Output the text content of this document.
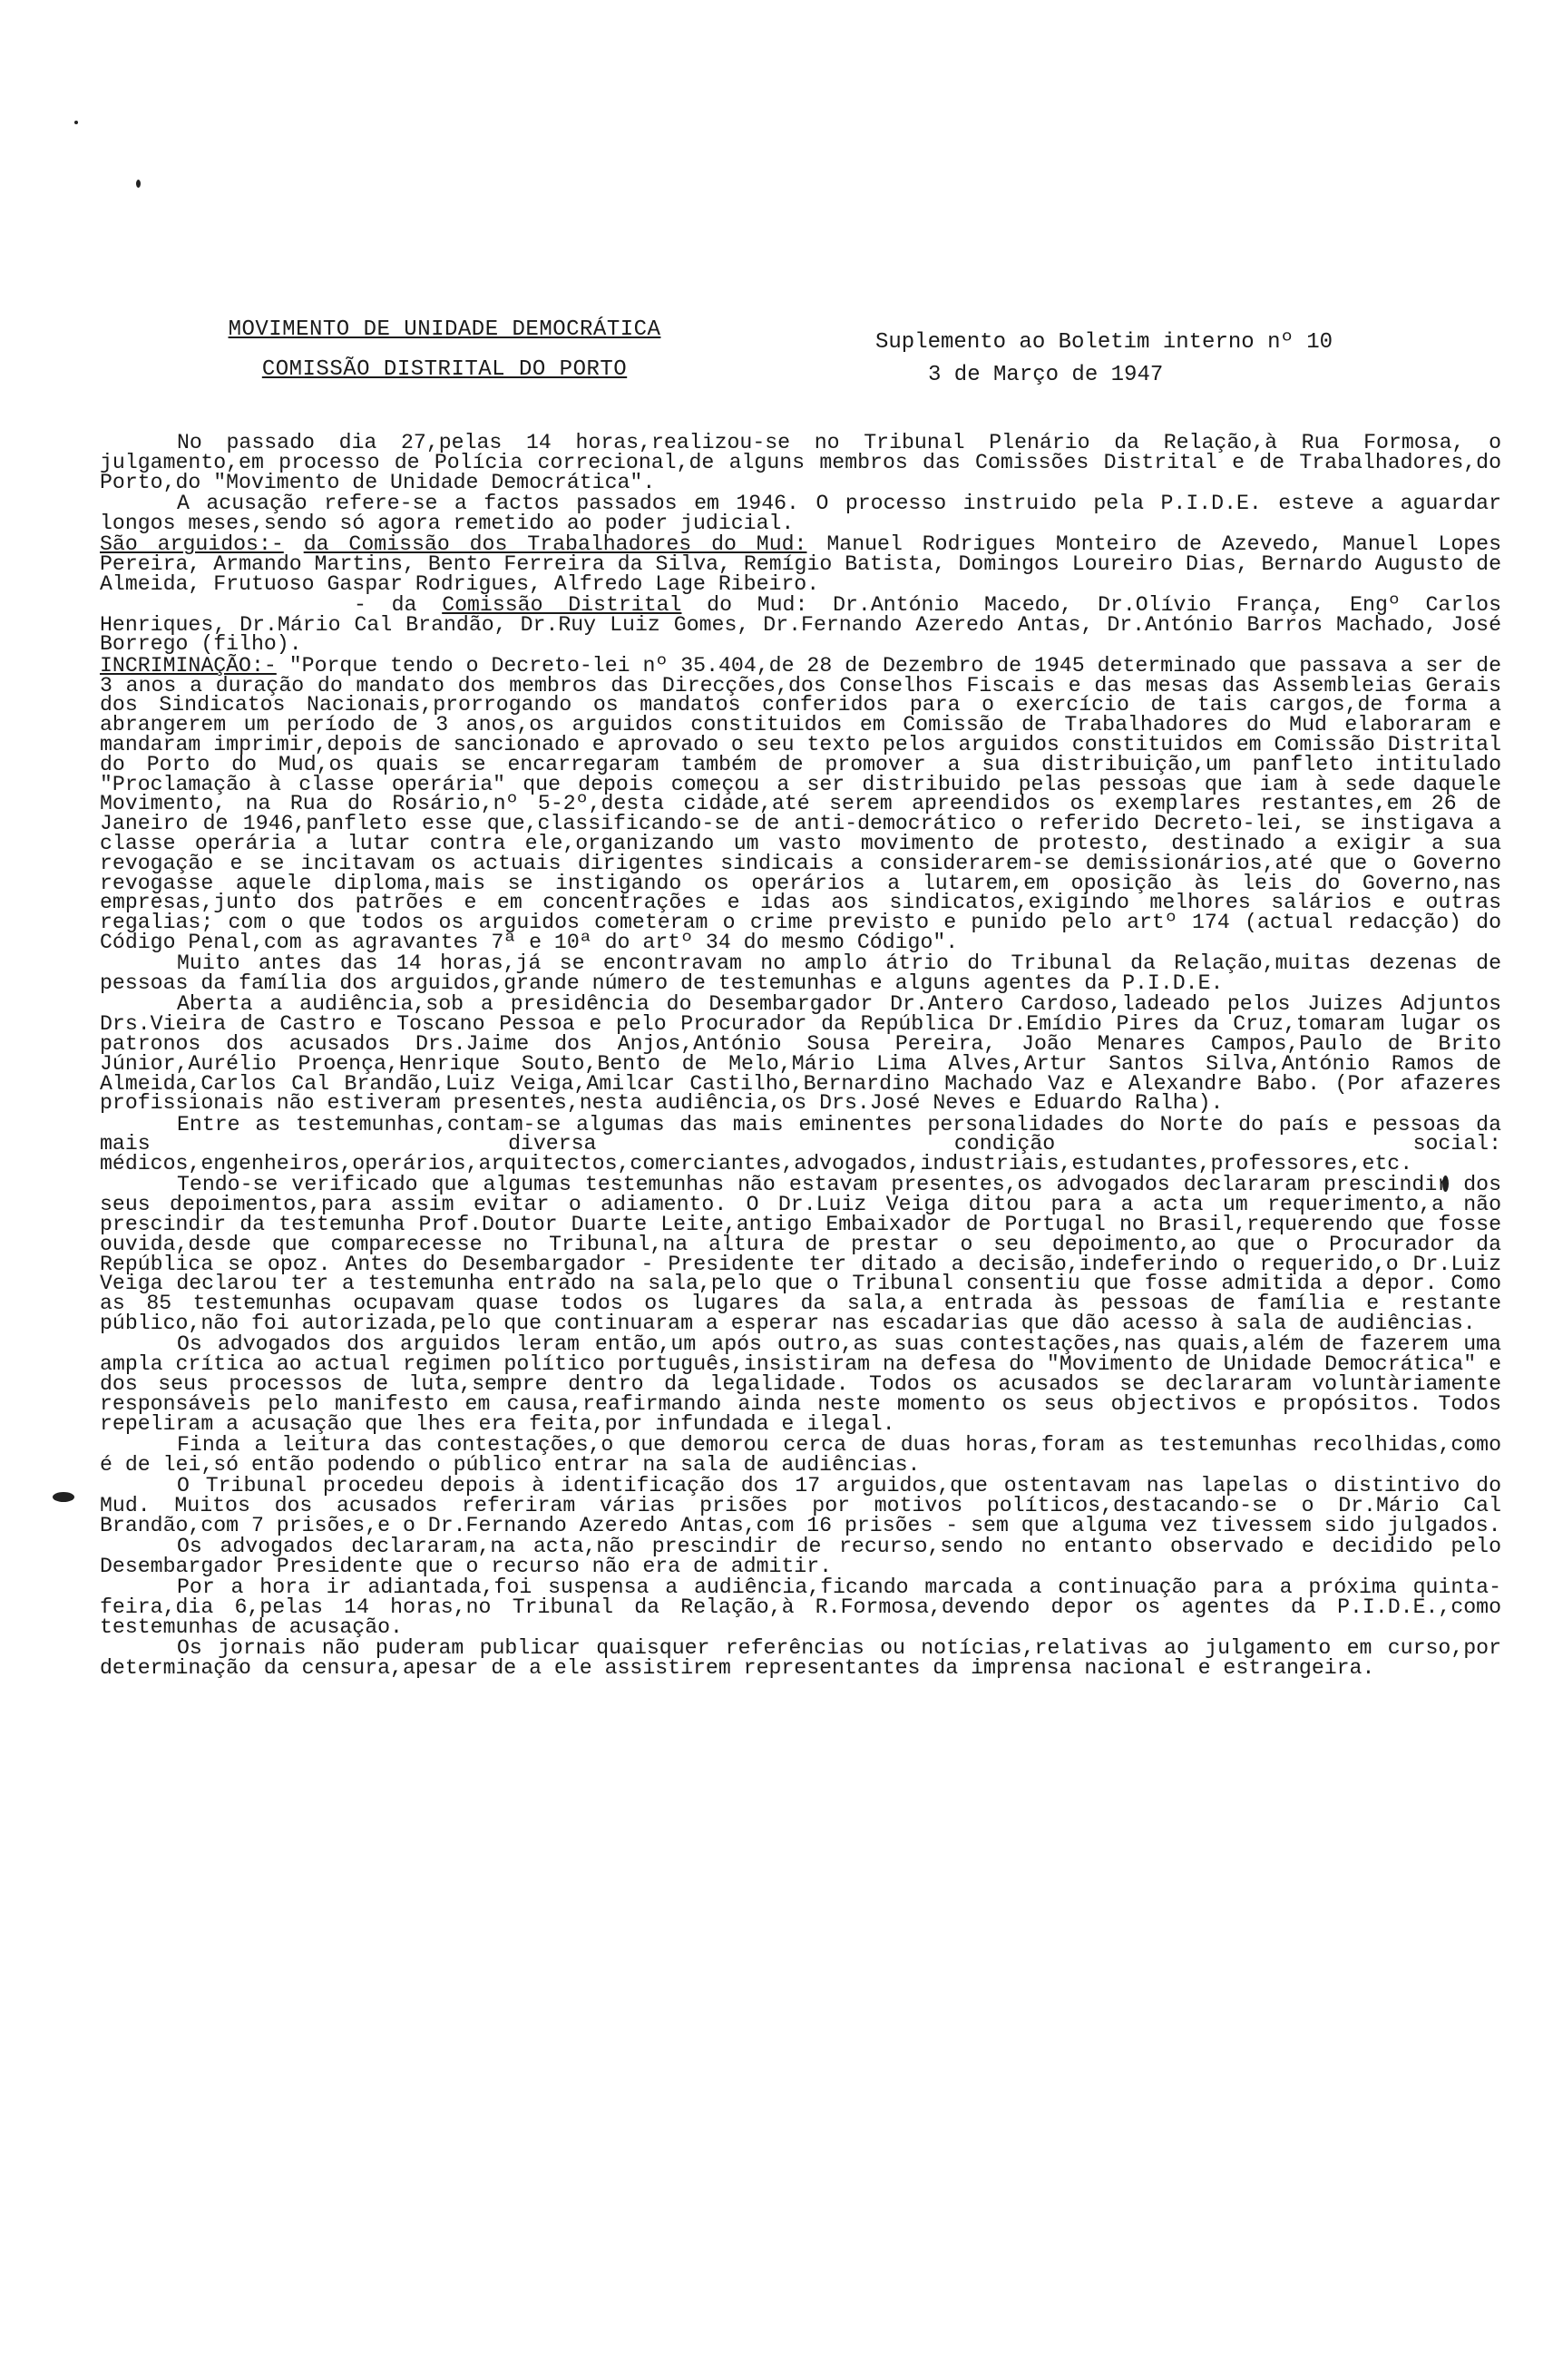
MOVIMENTO DE UNIDADE DEMOCRÁTICA
COMISSÃO DISTRITAL DO PORTO
Suplemento ao Boletim interno nº 10
3 de Março de 1947

No passado dia 27,pelas 14 horas,realizou-se no Tribunal Plenário da Relação,à Rua Formosa, o julgamento,em processo de Polícia correcional,de alguns membros das Comissões Distrital e de Trabalhadores,do Porto,do "Movimento de Unidade Democrática".

A acusação refere-se a factos passados em 1946. O processo instruido pela P.I.D.E. esteve a aguardar longos meses,sendo só agora remetido ao poder judicial.

São arguidos:- da Comissão dos Trabalhadores do Mud: Manuel Rodrigues Monteiro de Azevedo, Manuel Lopes Pereira, Armando Martins, Bento Ferreira da Silva, Remígio Batista, Domingos Loureiro Dias, Bernardo Augusto de Almeida, Frutuoso Gaspar Rodrigues, Alfredo Lage Ribeiro.

- da Comissão Distrital do Mud: Dr.António Macedo, Dr.Olívio França, Engº Carlos Henriques, Dr.Mário Cal Brandão, Dr.Ruy Luiz Gomes, Dr.Fernando Azeredo Antas, Dr.António Barros Machado, José Borrego (filho).

INCRIMINAÇÃO:- "Porque tendo o Decreto-lei nº 35.404,de 28 de Dezembro de 1945 determinado que passava a ser de 3 anos a duração do mandato dos membros das Direcções,dos Conselhos Fiscais e das mesas das Assembleias Gerais dos Sindicatos Nacionais,prorrogando os mandatos conferidos para o exercício de tais cargos,de forma a abrangerem um período de 3 anos,os arguidos constituidos em Comissão de Trabalhadores do Mud elaboraram e mandaram imprimir,depois de sancionado e aprovado o seu texto pelos arguidos constituidos em Comissão Distrital do Porto do Mud,os quais se encarregaram também de promover a sua distribuição,um panfleto intitulado "Proclamação à classe operária" que depois começou a ser distribuido pelas pessoas que iam à sede daquele Movimento, na Rua do Rosário,nº 5-2º,desta cidade,até serem apreendidos os exemplares restantes,em 26 de Janeiro de 1946,panfleto esse que,classificando-se de anti-democrático o referido Decreto-lei, se instigava a classe operária a lutar contra ele,organizando um vasto movimento de protesto, destinado a exigir a sua revogação e se incitavam os actuais dirigentes sindicais a considerarem-se demissionários,até que o Governo revogasse aquele diploma,mais se instigando os operários a lutarem,em oposição às leis do Governo,nas empresas,junto dos patrões e em concentrações e idas aos sindicatos,exigindo melhores salários e outras regalias; com o que todos os arguidos cometeram o crime previsto e punido pelo artº 174 (actual redacção) do Código Penal,com as agravantes 7ª e 10ª do artº 34 do mesmo Código".

Muito antes das 14 horas,já se encontravam no amplo átrio do Tribunal da Relação,muitas dezenas de pessoas da família dos arguidos,grande número de testemunhas e alguns agentes da P.I.D.E.

Aberta a audiência,sob a presidência do Desembargador Dr.Antero Cardoso,ladeado pelos Juizes Adjuntos Drs.Vieira de Castro e Toscano Pessoa e pelo Procurador da República Dr.Emídio Pires da Cruz,tomaram lugar os patronos dos acusados Drs.Jaime dos Anjos,António Sousa Pereira, João Menares Campos,Paulo de Brito Júnior,Aurélio Proença,Henrique Souto,Bento de Melo,Mário Lima Alves,Artur Santos Silva,António Ramos de Almeida,Carlos Cal Brandão,Luiz Veiga,Amilcar Castilho,Bernardino Machado Vaz e Alexandre Babo. (Por afazeres profissionais não estiveram presentes,nesta audiência,os Drs.José Neves e Eduardo Ralha).

Entre as testemunhas,contam-se algumas das mais eminentes personalidades do Norte do país e pessoas da mais diversa condição social: médicos,engenheiros,operários,arquitectos,comerciantes,advogados,industriais,estudantes,professores,etc.

Tendo-se verificado que algumas testemunhas não estavam presentes,os advogados declararam prescindir dos seus depoimentos,para assim evitar o adiamento. O Dr.Luiz Veiga ditou para a acta um requerimento,a não prescindir da testemunha Prof.Doutor Duarte Leite,antigo Embaixador de Portugal no Brasil,requerendo que fosse ouvida,desde que comparecesse no Tribunal,na altura de prestar o seu depoimento,ao que o Procurador da República se opoz. Antes do Desembargador - Presidente ter ditado a decisão,indeferindo o requerido,o Dr.Luiz Veiga declarou ter a testemunha entrado na sala,pelo que o Tribunal consentiu que fosse admitida a depor. Como as 85 testemunhas ocupavam quase todos os lugares da sala,a entrada às pessoas de família e restante público,não foi autorizada,pelo que continuaram a esperar nas escadarias que dão acesso à sala de audiências.

Os advogados dos arguidos leram então,um após outro,as suas contestações,nas quais,além de fazerem uma ampla crítica ao actual regimen político português,insistiram na defesa do "Movimento de Unidade Democrática" e dos seus processos de luta,sempre dentro da legalidade. Todos os acusados se declararam voluntàriamente responsáveis pelo manifesto em causa,reafirmando ainda neste momento os seus objectivos e propósitos. Todos repeliram a acusação que lhes era feita,por infundada e ilegal.

Finda a leitura das contestações,o que demorou cerca de duas horas,foram as testemunhas recolhidas,como é de lei,só então podendo o público entrar na sala de audiências.

O Tribunal procedeu depois à identificação dos 17 arguidos,que ostentavam nas lapelas o distintivo do Mud. Muitos dos acusados referiram várias prisões por motivos políticos,destacando-se o Dr.Mário Cal Brandão,com 7 prisões,e o Dr.Fernando Azeredo Antas,com 16 prisões - sem que alguma vez tivessem sido julgados.

Os advogados declararam,na acta,não prescindir de recurso,sendo no entanto observado e decidido pelo Desembargador Presidente que o recurso não era de admitir.

Por a hora ir adiantada,foi suspensa a audiência,ficando marcada a continuação para a próxima quinta-feira,dia 6,pelas 14 horas,no Tribunal da Relação,à R.Formosa,devendo depor os agentes da P.I.D.E.,como testemunhas de acusação.

Os jornais não puderam publicar quaisquer referências ou notícias,relativas ao julgamento em curso,por determinação da censura,apesar de a ele assistirem representantes da imprensa nacional e estrangeira.
